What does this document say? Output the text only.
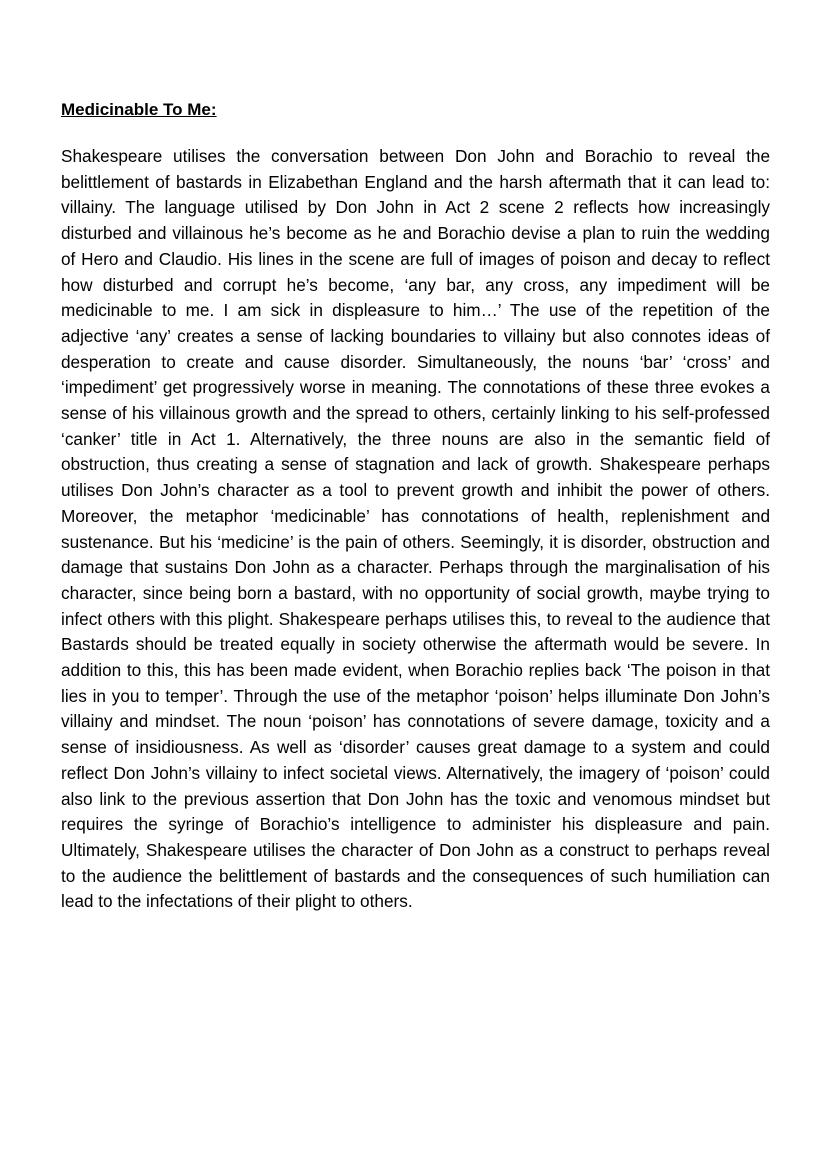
Medicinable To Me:

Shakespeare utilises the conversation between Don John and Borachio to reveal the belittlement of bastards in Elizabethan England and the harsh aftermath that it can lead to: villainy. The language utilised by Don John in Act 2 scene 2 reflects how increasingly disturbed and villainous he’s become as he and Borachio devise a plan to ruin the wedding of Hero and Claudio. His lines in the scene are full of images of poison and decay to reflect how disturbed and corrupt he’s become, ‘any bar, any cross, any impediment will be medicinable to me. I am sick in displeasure to him…’ The use of the repetition of the adjective ‘any’ creates a sense of lacking boundaries to villainy but also connotes ideas of desperation to create and cause disorder. Simultaneously, the nouns ‘bar’ ‘cross’ and ‘impediment’ get progressively worse in meaning. The connotations of these three evokes a sense of his villainous growth and the spread to others, certainly linking to his self-professed ‘canker’ title in Act 1. Alternatively, the three nouns are also in the semantic field of obstruction, thus creating a sense of stagnation and lack of growth. Shakespeare perhaps utilises Don John’s character as a tool to prevent growth and inhibit the power of others. Moreover, the metaphor ‘medicinable’ has connotations of health, replenishment and sustenance. But his ‘medicine’ is the pain of others. Seemingly, it is disorder, obstruction and damage that sustains Don John as a character. Perhaps through the marginalisation of his character, since being born a bastard, with no opportunity of social growth, maybe trying to infect others with this plight. Shakespeare perhaps utilises this, to reveal to the audience that Bastards should be treated equally in society otherwise the aftermath would be severe. In addition to this, this has been made evident, when Borachio replies back ‘The poison in that lies in you to temper’. Through the use of the metaphor ‘poison’ helps illuminate Don John’s villainy and mindset. The noun ‘poison’ has connotations of severe damage, toxicity and a sense of insidiousness. As well as ‘disorder’ causes great damage to a system and could reflect Don John’s villainy to infect societal views. Alternatively, the imagery of ‘poison’ could also link to the previous assertion that Don John has the toxic and venomous mindset but requires the syringe of Borachio’s intelligence to administer his displeasure and pain. Ultimately, Shakespeare utilises the character of Don John as a construct to perhaps reveal to the audience the belittlement of bastards and the consequences of such humiliation can lead to the infectations of their plight to others.
